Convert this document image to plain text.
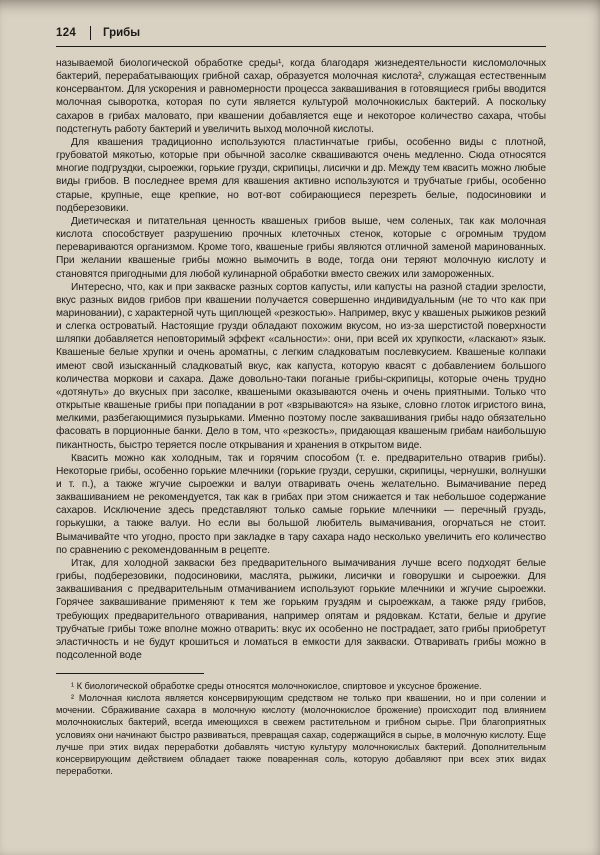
124	Грибы

называемой биологической обработке среды¹, когда благодаря жизнедеятельности кисломолочных бактерий, перерабатывающих грибной сахар, образуется молочная кислота², служащая естественным консервантом. Для ускорения и равномерности процесса заквашивания в готовящиеся грибы вводится молочная сыворотка, которая по сути является культурой молочнокислых бактерий. А поскольку сахаров в грибах маловато, при квашении добавляется еще и некоторое количество сахара, чтобы подстегнуть работу бактерий и увеличить выход молочной кислоты.

Для квашения традиционно используются пластинчатые грибы, особенно виды с плотной, грубоватой мякотью, которые при обычной засолке сквашиваются очень медленно. Сюда относятся многие подгруздки, сыроежки, горькие грузди, скрипицы, лисички и др. Между тем квасить можно любые виды грибов. В последнее время для квашения активно используются и трубчатые грибы, особенно старые, крупные, еще крепкие, но вот-вот собирающиеся перезреть белые, подосиновики и подберезовики.

Диетическая и питательная ценность квашеных грибов выше, чем соленых, так как молочная кислота способствует разрушению прочных клеточных стенок, которые с огромным трудом перевариваются организмом. Кроме того, квашеные грибы являются отличной заменой маринованных. При желании квашеные грибы можно вымочить в воде, тогда они теряют молочную кислоту и становятся пригодными для любой кулинарной обработки вместо свежих или замороженных.

Интересно, что, как и при закваске разных сортов капусты, или капусты на разной стадии зрелости, вкус разных видов грибов при квашении получается совершенно индивидуальным (не то что как при мариновании), с характерной чуть щиплющей «резкостью». Например, вкус у квашеных рыжиков резкий и слегка островатый. Настоящие грузди обладают похожим вкусом, но из-за шерстистой поверхности шляпки добавляется неповторимый эффект «сальности»: они, при всей их хрупкости, «ласкают» язык. Квашеные белые хрупки и очень ароматны, с легким сладковатым послевкусием. Квашеные колпаки имеют свой изысканный сладковатый вкус, как капуста, которую квасят с добавлением большого количества моркови и сахара. Даже довольно-таки поганые грибы-скрипицы, которые очень трудно «дотянуть» до вкусных при засолке, квашеными оказываются очень и очень приятными. Только что открытые квашеные грибы при попадании в рот «взрываются» на языке, словно глоток игристого вина, мелкими, разбегающимися пузырьками. Именно поэтому после заквашивания грибы надо обязательно фасовать в порционные банки. Дело в том, что «резкость», придающая квашеным грибам наибольшую пикантность, быстро теряется после открывания и хранения в открытом виде.

Квасить можно как холодным, так и горячим способом (т. е. предварительно отварив грибы). Некоторые грибы, особенно горькие млечники (горькие грузди, серушки, скрипицы, чернушки, волнушки и т. п.), а также жгучие сыроежки и валуи отваривать очень желательно. Вымачивание перед заквашиванием не рекомендуется, так как в грибах при этом снижается и так небольшое содержание сахаров. Исключение здесь представляют только самые горькие млечники — перечный груздь, горькушки, а также валуи. Но если вы большой любитель вымачивания, огорчаться не стоит. Вымачивайте что угодно, просто при закладке в тару сахара надо несколько увеличить его количество по сравнению с рекомендованным в рецепте.

Итак, для холодной закваски без предварительного вымачивания лучше всего подходят белые грибы, подберезовики, подосиновики, маслята, рыжики, лисички и говорушки и сыроежки. Для заквашивания с предварительным отмачиванием используют горькие млечники и жгучие сыроежки. Горячее заквашивание применяют к тем же горьким груздям и сыроежкам, а также ряду грибов, требующих предварительного отваривания, например опятам и рядовкам. Кстати, белые и другие трубчатые грибы тоже вполне можно отварить: вкус их особенно не пострадает, зато грибы приобретут эластичность и не будут крошиться и ломаться в емкости для закваски. Отваривать грибы можно в подсоленной воде

¹ К биологической обработке среды относятся молочнокислое, спиртовое и уксусное брожение.

² Молочная кислота является консервирующим средством не только при квашении, но и при солении и мочении. Сбраживание сахара в молочную кислоту (молочнокислое брожение) происходит под влиянием молочнокислых бактерий, всегда имеющихся в свежем растительном и грибном сырье. При благоприятных условиях они начинают быстро развиваться, превращая сахар, содержащийся в сырье, в молочную кислоту. Еще лучше при этих видах переработки добавлять чистую культуру молочнокислых бактерий. Дополнительным консервирующим действием обладает также поваренная соль, которую добавляют при всех этих видах переработки.
